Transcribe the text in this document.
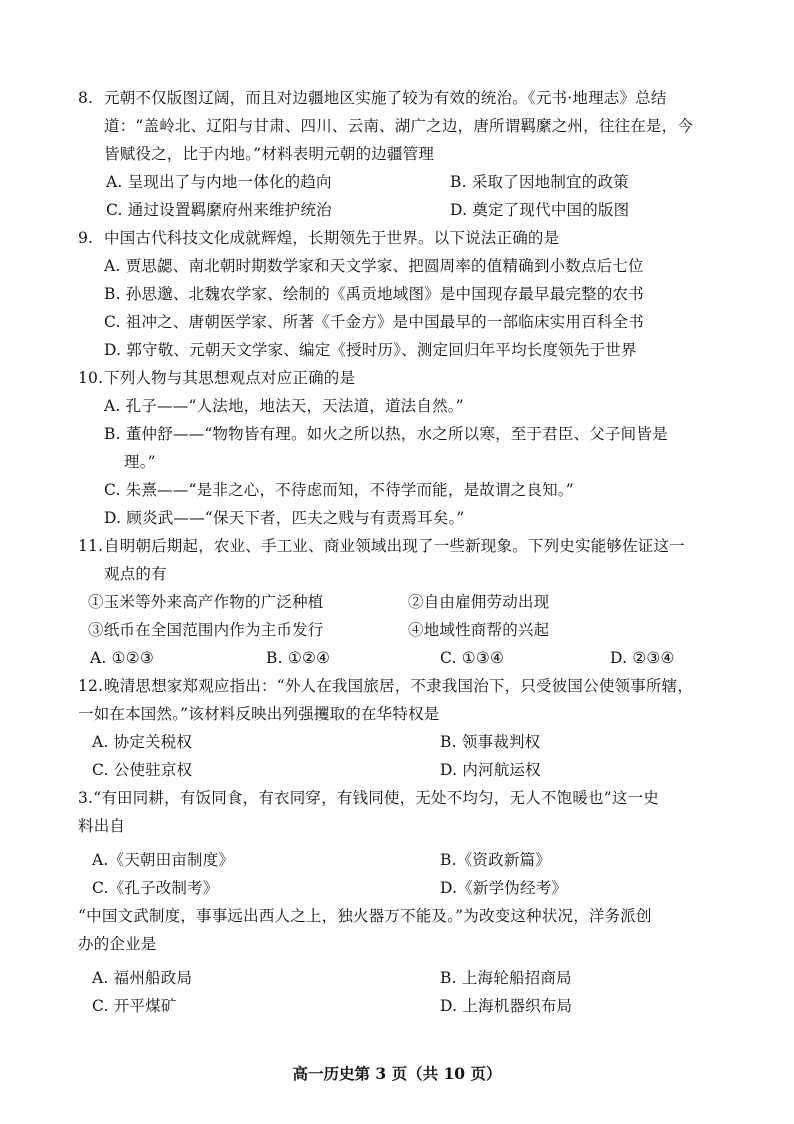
8. 元朝不仅版图辽阔，而且对边疆地区实施了较为有效的统治。《元书·地理志》总结
道：“盖岭北、辽阳与甘肃、四川、云南、湖广之边，唐所谓羁縻之州，往往在是，今
皆赋役之，比于内地。”材料表明元朝的边疆管理
A. 呈现出了与内地一体化的趋向	B. 采取了因地制宜的政策
C. 通过设置羁縻府州来维护统治	D. 奠定了现代中国的版图
9. 中国古代科技文化成就辉煌，长期领先于世界。以下说法正确的是
A. 贾思勰、南北朝时期数学家和天文学家、把圆周率的值精确到小数点后七位
B. 孙思邈、北魏农学家、绘制的《禹贡地域图》是中国现存最早最完整的农书
C. 祖冲之、唐朝医学家、所著《千金方》是中国最早的一部临床实用百科全书
D. 郭守敬、元朝天文学家、编定《授时历》、测定回归年平均长度领先于世界
10.下列人物与其思想观点对应正确的是
A. 孔子——“人法地，地法天，天法道，道法自然。”
B. 董仲舒——“物物皆有理。如火之所以热，水之所以寒，至于君臣、父子间皆是
理。”
C. 朱熹——“是非之心，不待虑而知，不待学而能，是故谓之良知。”
D. 顾炎武——“保天下者，匹夫之贱与有责焉耳矣。”
11.自明朝后期起，农业、手工业、商业领域出现了一些新现象。下列史实能够佐证这一
观点的有
①玉米等外来高产作物的广泛种植	②自由雇佣劳动出现
③纸币在全国范围内作为主币发行	④地域性商帮的兴起
A. ①②③	B. ①②④	C. ①③④	D. ②③④
12.晚清思想家郑观应指出：“外人在我国旅居，不隶我国治下，只受彼国公使领事所辖，
一如在本国然。”该材料反映出列强攫取的在华特权是
A. 协定关税权	B. 领事裁判权
C. 公使驻京权	D. 内河航运权
3.“有田同耕，有饭同食，有衣同穿，有钱同使，无处不均匀，无人不饱暖也”这一史
料出自
A.《天朝田亩制度》	B.《资政新篇》
C.《孔子改制考》	D.《新学伪经考》
“中国文武制度，事事远出西人之上，独火器万不能及。”为改变这种状况，洋务派创
办的企业是
A. 福州船政局	B. 上海轮船招商局
C. 开平煤矿	D. 上海机器织布局
高一历史第 3 页（共 10 页）
